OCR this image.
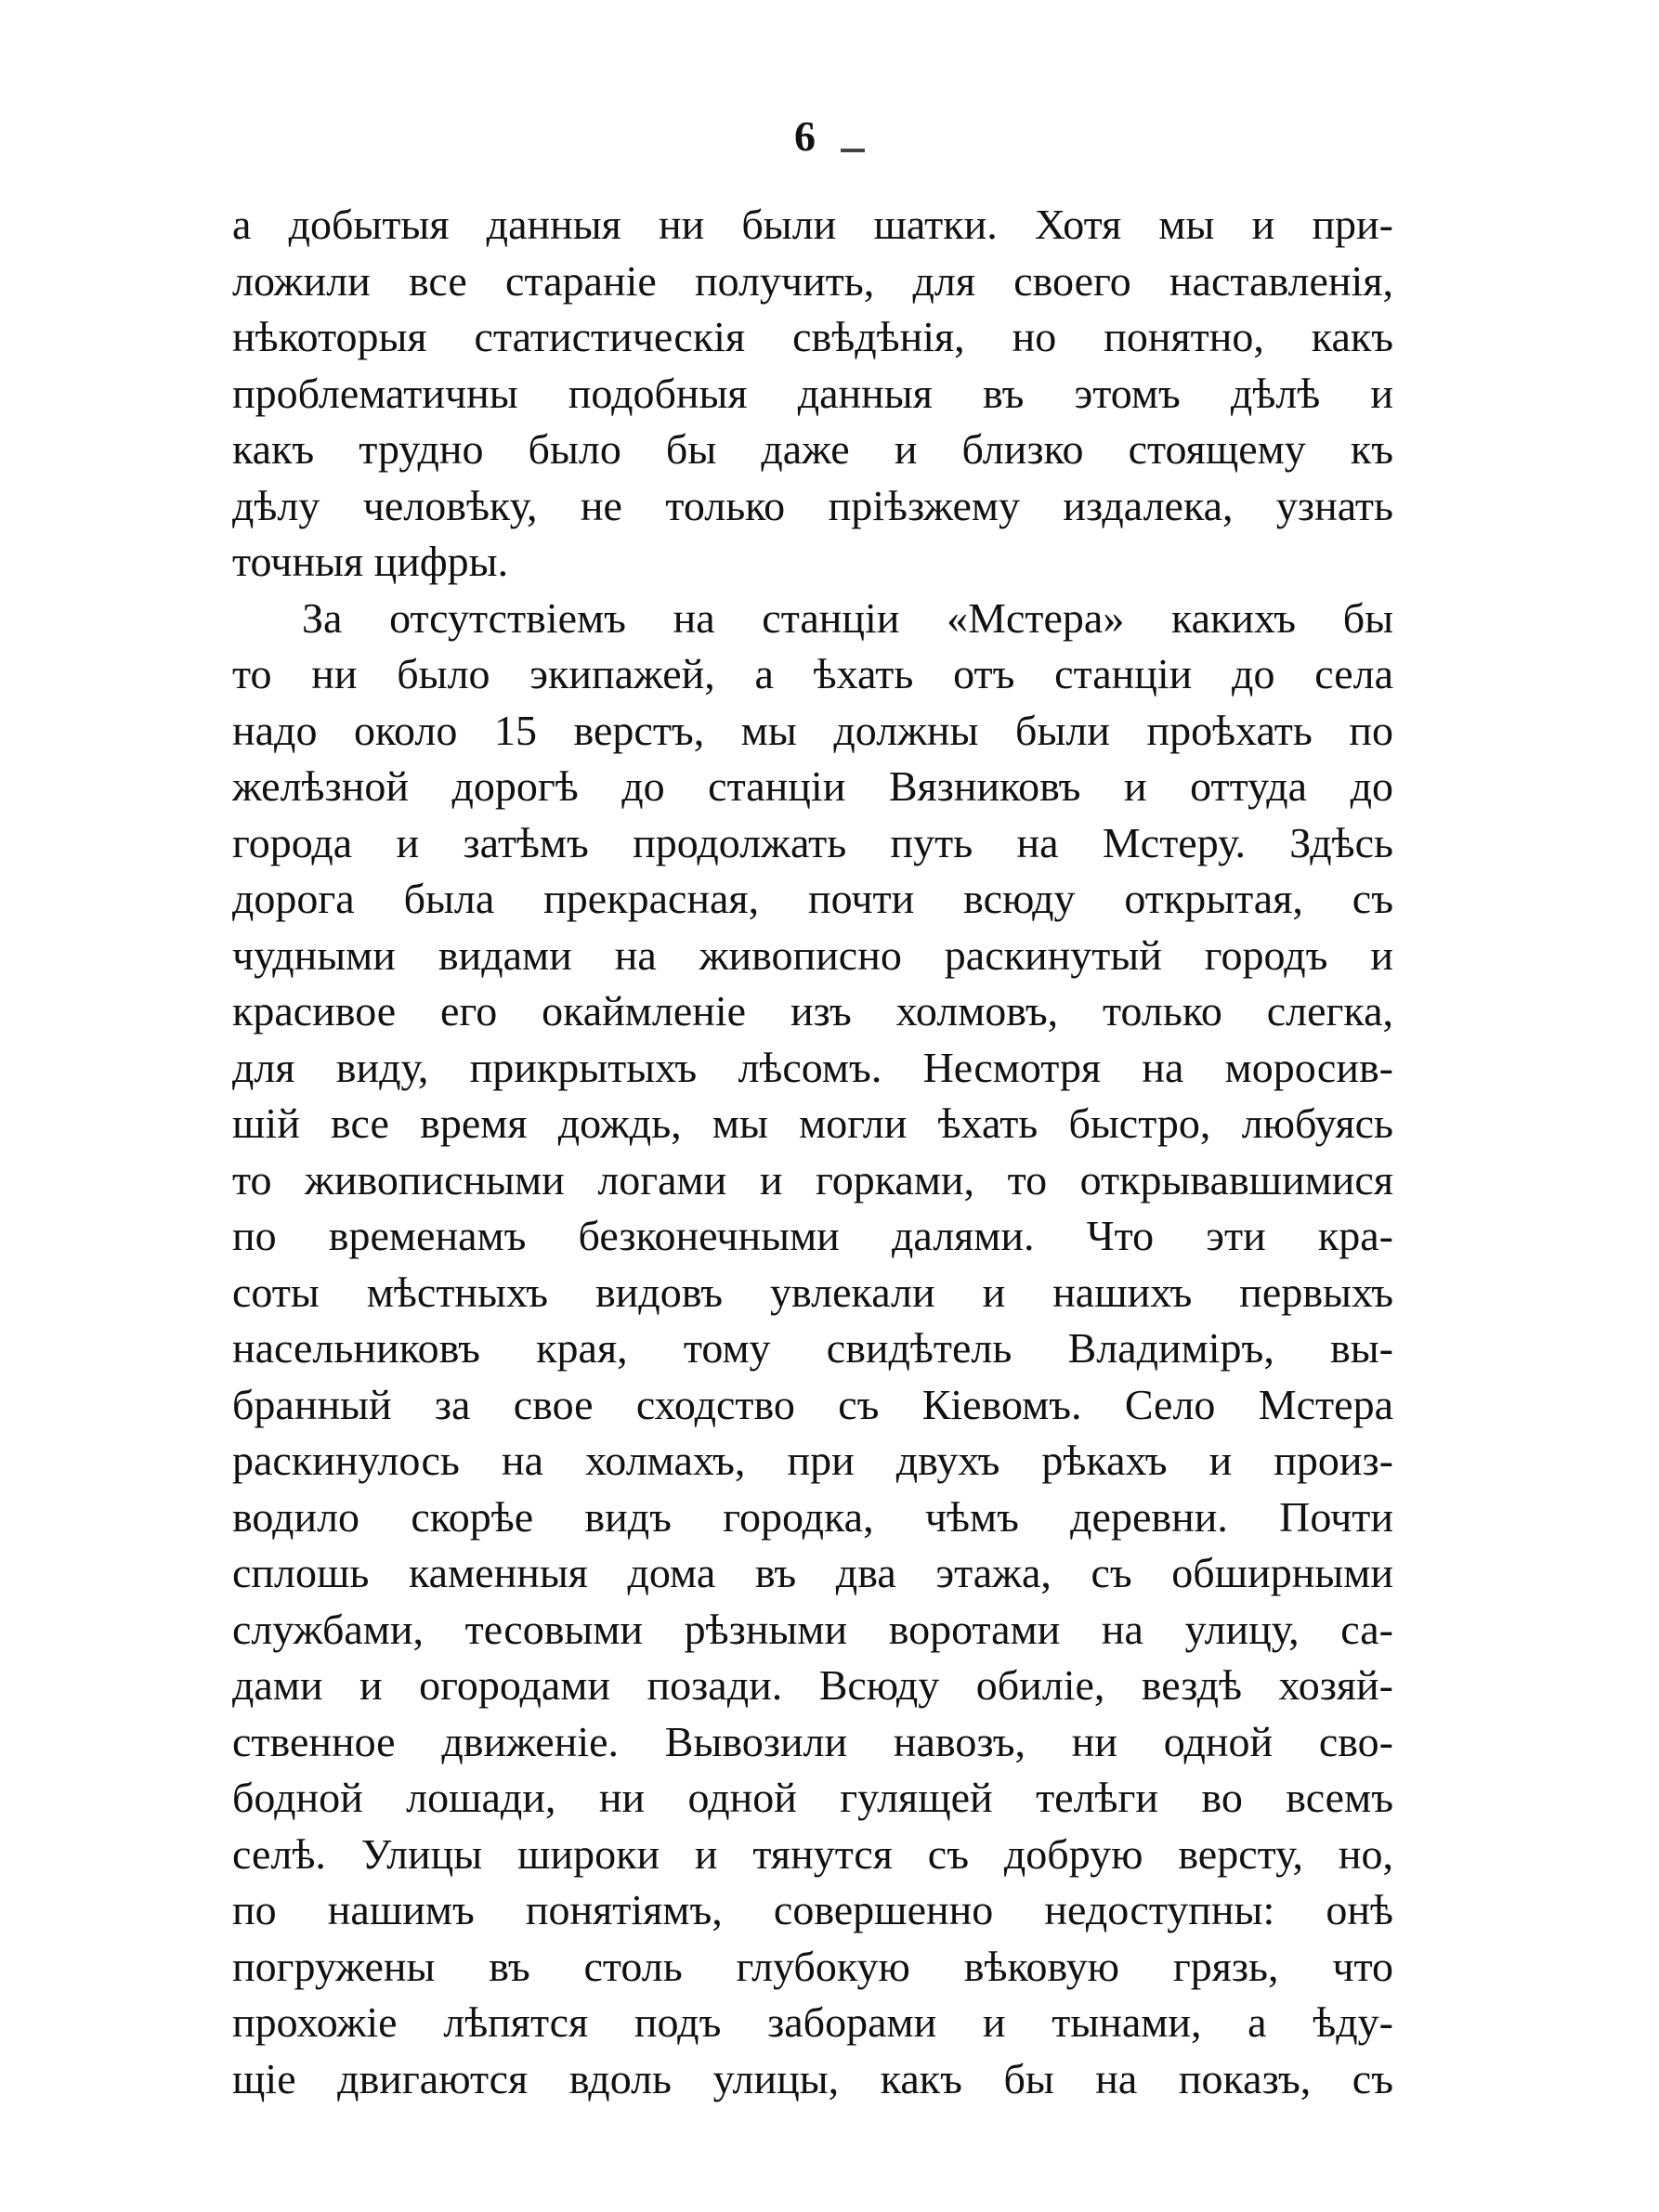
6
а добытыя данныя ни были шатки. Хотя мы и при-
ложили все стараніе получить, для своего наставленія,
нѣкоторыя статистическія свѣдѣнія, но понятно, какъ
проблематичны подобныя данныя въ этомъ дѣлѣ и
какъ трудно было бы даже и близко стоящему къ
дѣлу человѣку, не только пріѣзжему издалека, узнать
точныя цифры.
За отсутствіемъ на станціи «Мстера» какихъ бы
то ни было экипажей, а ѣхать отъ станціи до села
надо около 15 верстъ, мы должны были проѣхать по
желѣзной дорогѣ до станціи Вязниковъ и оттуда до
города и затѣмъ продолжать путь на Мстеру. Здѣсь
дорога была прекрасная, почти всюду открытая, съ
чудными видами на живописно раскинутый городъ и
красивое его окаймленіе изъ холмовъ, только слегка,
для виду, прикрытыхъ лѣсомъ. Несмотря на моросив-
шій все время дождь, мы могли ѣхать быстро, любуясь
то живописными логами и горками, то открывавшимися
по временамъ безконечными далями. Что эти кра-
соты мѣстныхъ видовъ увлекали и нашихъ первыхъ
насельниковъ края, тому свидѣтель Владиміръ, вы-
бранный за свое сходство съ Кіевомъ. Село Мстера
раскинулось на холмахъ, при двухъ рѣкахъ и произ-
водило скорѣе видъ городка, чѣмъ деревни. Почти
сплошь каменныя дома въ два этажа, съ обширными
службами, тесовыми рѣзными воротами на улицу, са-
дами и огородами позади. Всюду обиліе, вездѣ хозяй-
ственное движеніе. Вывозили навозъ, ни одной сво-
бодной лошади, ни одной гулящей телѣги во всемъ
селѣ. Улицы широки и тянутся съ добрую версту, но,
по нашимъ понятіямъ, совершенно недоступны: онѣ
погружены въ столь глубокую вѣковую грязь, что
прохожіе лѣпятся подъ заборами и тынами, а ѣду-
щіе двигаются вдоль улицы, какъ бы на показъ, съ
